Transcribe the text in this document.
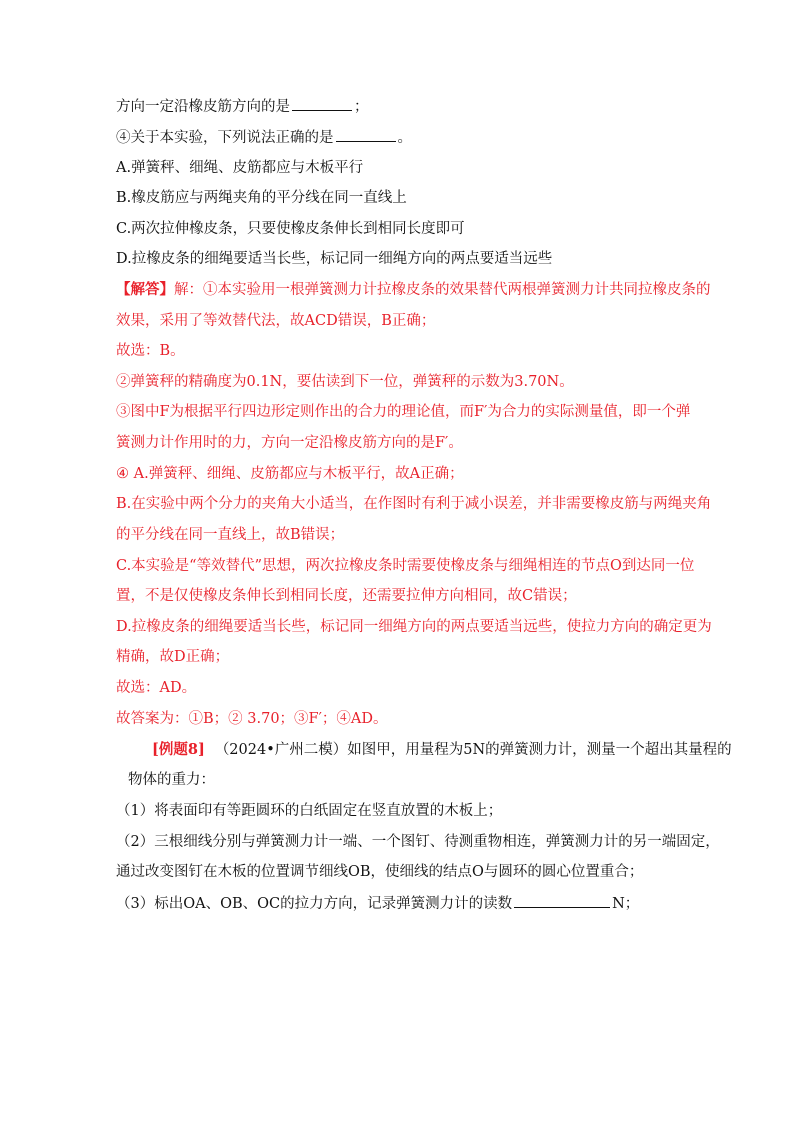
方向一定沿橡皮筋方向的是	；
④关于本实验，下列说法正确的是	。
A.弹簧秤、细绳、皮筋都应与木板平行
B.橡皮筋应与两绳夹角的平分线在同一直线上
C.两次拉伸橡皮条，只要使橡皮条伸长到相同长度即可
D.拉橡皮条的细绳要适当长些，标记同一细绳方向的两点要适当远些
【解答】解：①本实验用一根弹簧测力计拉橡皮条的效果替代两根弹簧测力计共同拉橡皮条的
效果，采用了等效替代法，故ACD错误，B正确；
故选：B。
②弹簧秤的精确度为0.1N，要估读到下一位，弹簧秤的示数为3.70N。
③图中F为根据平行四边形定则作出的合力的理论值，而F′为合力的实际测量值，即一个弹
簧测力计作用时的力，方向一定沿橡皮筋方向的是F′。
④ A.弹簧秤、细绳、皮筋都应与木板平行，故A正确；
B.在实验中两个分力的夹角大小适当，在作图时有利于减小误差，并非需要橡皮筋与两绳夹角
的平分线在同一直线上，故B错误；
C.本实验是“等效替代”思想，两次拉橡皮条时需要使橡皮条与细绳相连的节点O到达同一位
置，不是仅使橡皮条伸长到相同长度，还需要拉伸方向相同，故C错误；
D.拉橡皮条的细绳要适当长些，标记同一细绳方向的两点要适当远些，使拉力方向的确定更为
精确，故D正确；
故选：AD。
故答案为：①B；② 3.70；③F′；④AD。
[例题8] （2024•广州二模）如图甲，用量程为5N的弹簧测力计，测量一个超出其量程的
物体的重力：
（1）将表面印有等距圆环的白纸固定在竖直放置的木板上；
（2）三根细线分别与弹簧测力计一端、一个图钉、待测重物相连，弹簧测力计的另一端固定，
通过改变图钉在木板的位置调节细线OB，使细线的结点O与圆环的圆心位置重合；
（3）标出OA、OB、OC的拉力方向，记录弹簧测力计的读数	N；
